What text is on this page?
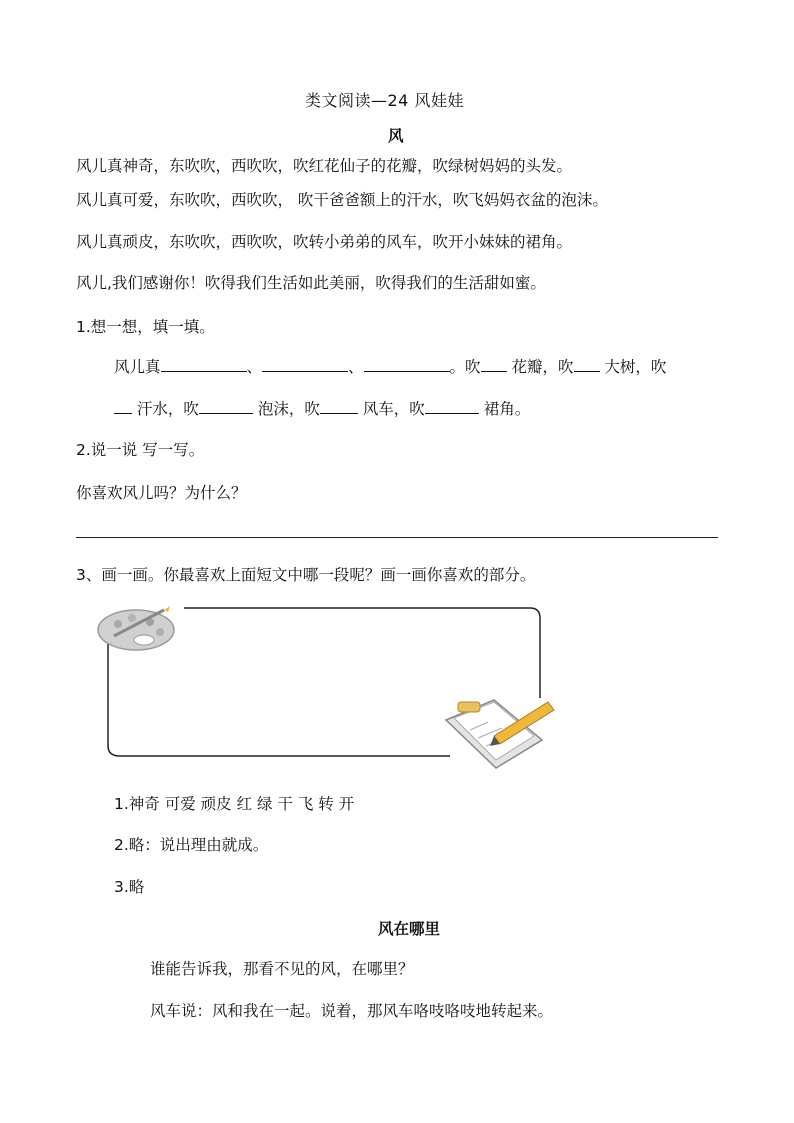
类文阅读—24 风娃娃
风
风儿真神奇，东吹吹，西吹吹，吹红花仙子的花瓣，吹绿树妈妈的头发。
风儿真可爱，东吹吹，西吹吹， 吹干爸爸额上的汗水，吹飞妈妈衣盆的泡沫。
风儿真顽皮，东吹吹，西吹吹，吹转小弟弟的风车，吹开小妹妹的裙角。
风儿,我们感谢你！吹得我们生活如此美丽，吹得我们的生活甜如蜜。
1.想一想，填一填。
风儿真	、	、	。吹 花瓣，吹 大树，吹
汗水，吹	泡沫，吹 风车，吹	裙角。
2.说一说 写一写。
你喜欢风儿吗？为什么？
3、画一画。你最喜欢上面短文中哪一段呢？画一画你喜欢的部分。
1.神奇 可爱 顽皮 红 绿 干 飞 转 开
2.略：说出理由就成。
3.略
风在哪里
谁能告诉我，那看不见的风，在哪里？
风车说：风和我在一起。说着，那风车咯吱咯吱地转起来。
